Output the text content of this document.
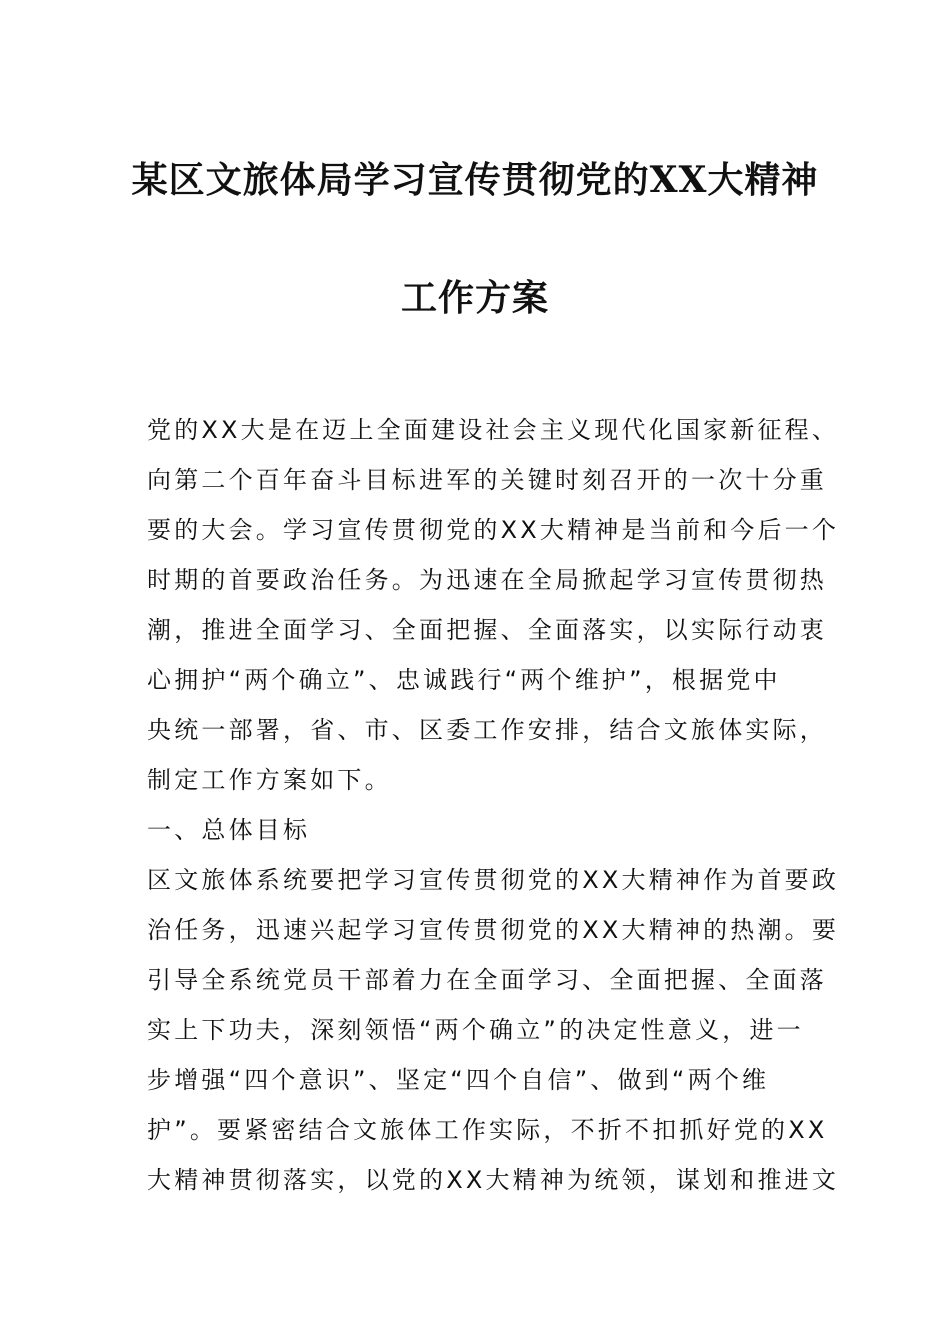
某区文旅体局学习宣传贯彻党的XX大精神
工作方案
党的XX大是在迈上全面建设社会主义现代化国家新征程、
向第二个百年奋斗目标进军的关键时刻召开的一次十分重
要的大会。学习宣传贯彻党的XX大精神是当前和今后一个
时期的首要政治任务。为迅速在全局掀起学习宣传贯彻热
潮，推进全面学习、全面把握、全面落实，以实际行动衷
心拥护“两个确立”、忠诚践行“两个维护”，根据党中
央统一部署，省、市、区委工作安排，结合文旅体实际，
制定工作方案如下。
一、总体目标
区文旅体系统要把学习宣传贯彻党的XX大精神作为首要政
治任务，迅速兴起学习宣传贯彻党的XX大精神的热潮。要
引导全系统党员干部着力在全面学习、全面把握、全面落
实上下功夫，深刻领悟“两个确立”的决定性意义，进一
步增强“四个意识”、坚定“四个自信”、做到“两个维
护”。要紧密结合文旅体工作实际，不折不扣抓好党的XX
大精神贯彻落实，以党的XX大精神为统领，谋划和推进文
